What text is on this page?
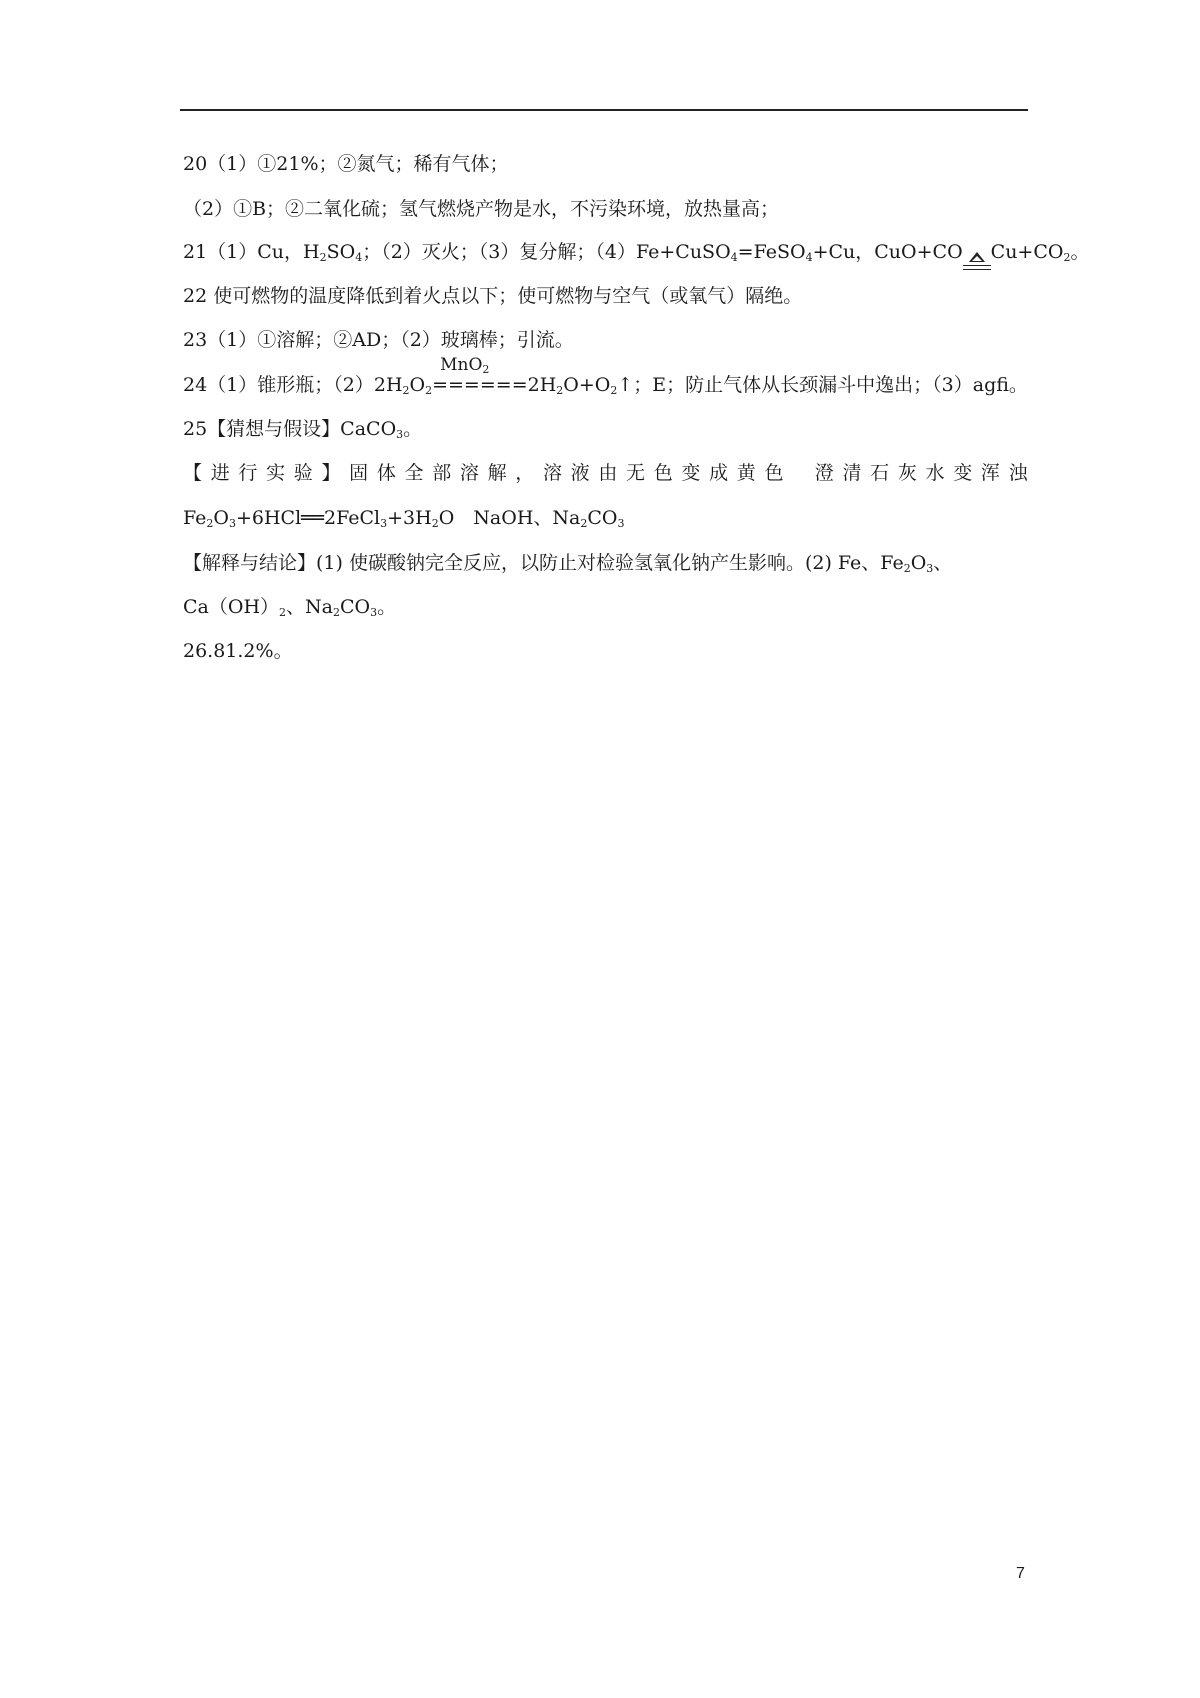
20（1）①21%；②氮气；稀有气体；
（2）①B；②二氧化硫；氢气燃烧产物是水，不污染环境，放热量高；
21（1）Cu，$H_2SO_4$；（2）灭火；（3）复分解；（4）Fe+CuSO$_4$=FeSO$_4$+Cu，CuO+CO $Cu+CO_2$。
22 使可燃物的温度降低到着火点以下；使可燃物与空气（或氧气）隔绝。
23（1）①溶解；②AD；（2）玻璃棒；引流。
24（1）锥形瓶；$(2)2H_2O_2$
MnO$_2$
$======2H_2O+O_2↑$；E；防止气体从长颈漏斗中逸出；（3）agfi。
25【猜想与假设】CaCO$_3$。
【 进 行 实 验 】 固 体 全 部 溶 解 ， 溶 液 由 无 色 变 成 黄 色 澄 清 石 灰 水 变 浑 浊
$Fe_2O_3+6HCl══2FeCl_3+3H_2O$　NaOH、$Na_2CO_3$
【解释与结论】(1) 使碳酸钠完全反应，以防止对检验氢氧化钠产生影响。(2) Fe、$Fe_2O_3$、
$Ca(OH)_2$、$Na_2CO_3$。
26.81.2%。
7
